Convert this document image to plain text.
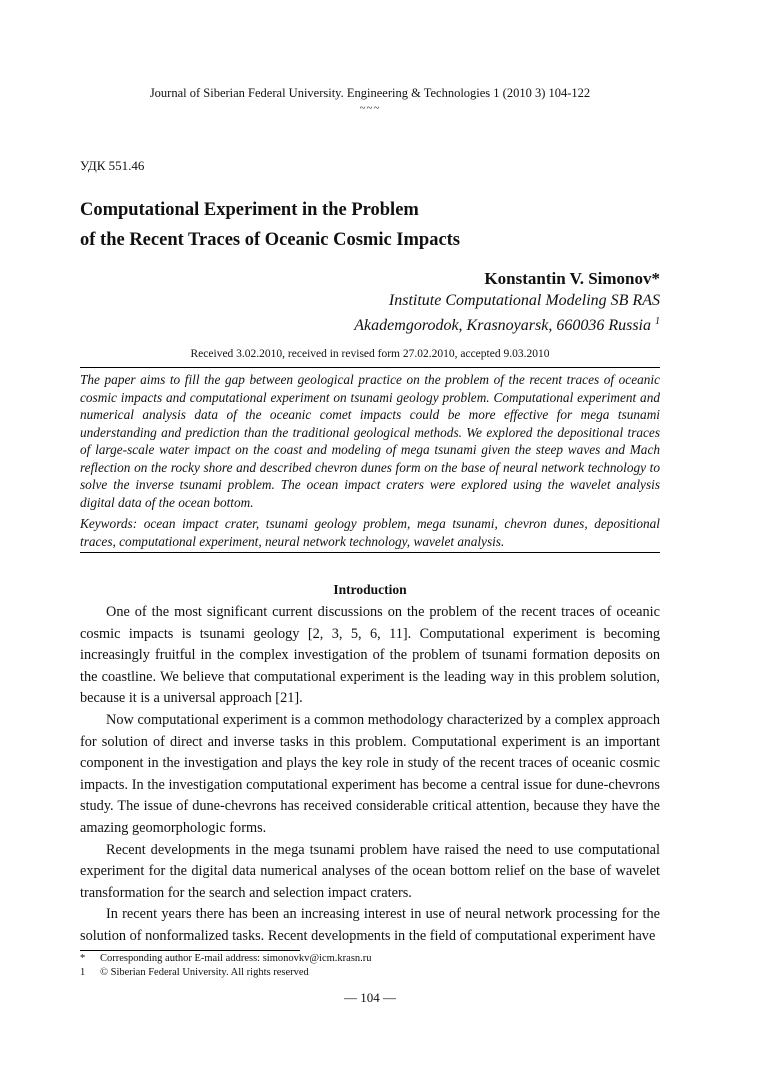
Journal of Siberian Federal University. Engineering & Technologies 1 (2010 3) 104-122
~~~
УДК 551.46
Computational Experiment in the Problem
of the Recent Traces of Oceanic Cosmic Impacts
Konstantin V. Simonov*
Institute Computational Modeling SB RAS
Akademgorodok, Krasnoyarsk, 660036 Russia $^1$
Received 3.02.2010, received in revised form 27.02.2010, accepted 9.03.2010
The paper aims to fill the gap between geological practice on the problem of the recent traces of oceanic cosmic impacts and computational experiment on tsunami geology problem. Computational experiment and numerical analysis data of the oceanic comet impacts could be more effective for mega tsunami understanding and prediction than the traditional geological methods. We explored the depositional traces of large-scale water impact on the coast and modeling of mega tsunami given the steep waves and Mach reflection on the rocky shore and described chevron dunes form on the base of neural network technology to solve the inverse tsunami problem. The ocean impact craters were explored using the wavelet analysis digital data of the ocean bottom.
Keywords: ocean impact crater, tsunami geology problem, mega tsunami, chevron dunes, depositional traces, computational experiment, neural network technology, wavelet analysis.
Introduction

One of the most significant current discussions on the problem of the recent traces of oceanic cosmic impacts is tsunami geology [2, 3, 5, 6, 11]. Computational experiment is becoming increasingly fruitful in the complex investigation of the problem of tsunami formation deposits on the coastline. We believe that computational experiment is the leading way in this problem solution, because it is a universal approach [21].

Now computational experiment is a common methodology characterized by a complex approach for solution of direct and inverse tasks in this problem. Computational experiment is an important component in the investigation and plays the key role in study of the recent traces of oceanic cosmic impacts. In the investigation computational experiment has become a central issue for dune-chevrons study. The issue of dune-chevrons has received considerable critical attention, because they have the amazing geomorphologic forms.

Recent developments in the mega tsunami problem have raised the need to use computational experiment for the digital data numerical analyses of the ocean bottom relief on the base of wavelet transformation for the search and selection impact craters.

In recent years there has been an increasing interest in use of neural network processing for the solution of nonformalized tasks. Recent developments in the field of computational experiment have

*	Corresponding author E-mail address: simonovkv@icm.krasn.ru
1	© Siberian Federal University. All rights reserved
— 104 —
